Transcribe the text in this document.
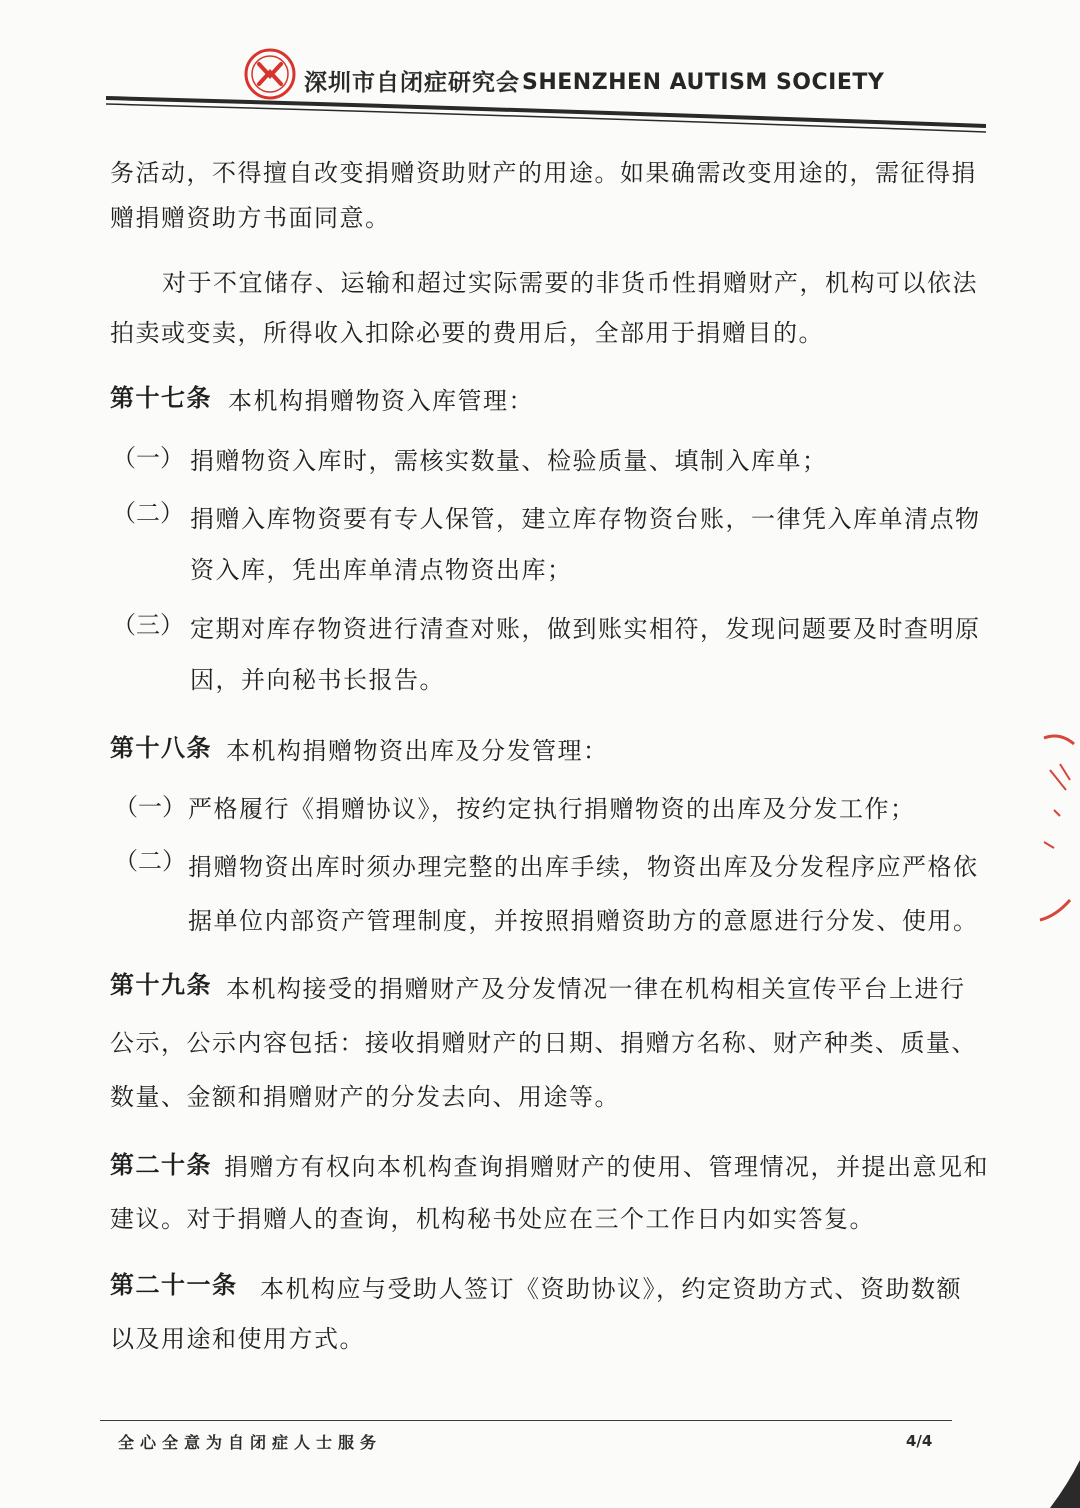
深圳市自闭症研究会 SHENZHEN AUTISM SOCIETY
务活动，不得擅自改变捐赠资助财产的用途。如果确需改变用途的，需征得捐
赠捐赠资助方书面同意。
对于不宜储存、运输和超过实际需要的非货币性捐赠财产，机构可以依法
拍卖或变卖，所得收入扣除必要的费用后，全部用于捐赠目的。
第十七条 本机构捐赠物资入库管理：
（一） 捐赠物资入库时，需核实数量、检验质量、填制入库单；
（二） 捐赠入库物资要有专人保管，建立库存物资台账，一律凭入库单清点物
资入库，凭出库单清点物资出库；
（三） 定期对库存物资进行清查对账，做到账实相符，发现问题要及时查明原
因，并向秘书长报告。
第十八条 本机构捐赠物资出库及分发管理：
（一） 严格履行《捐赠协议》，按约定执行捐赠物资的出库及分发工作；
（二） 捐赠物资出库时须办理完整的出库手续，物资出库及分发程序应严格依
据单位内部资产管理制度，并按照捐赠资助方的意愿进行分发、使用。
第十九条 本机构接受的捐赠财产及分发情况一律在机构相关宣传平台上进行
公示，公示内容包括：接收捐赠财产的日期、捐赠方名称、财产种类、质量、
数量、金额和捐赠财产的分发去向、用途等。
第二十条 捐赠方有权向本机构查询捐赠财产的使用、管理情况，并提出意见和
建议。对于捐赠人的查询，机构秘书处应在三个工作日内如实答复。
第二十一条 本机构应与受助人签订《资助协议》，约定资助方式、资助数额
以及用途和使用方式。
全心全意为自闭症人士服务	4/4
